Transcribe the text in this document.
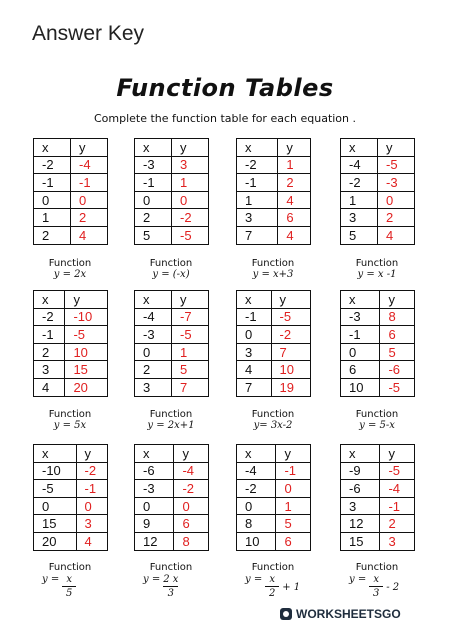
Answer Key
Function Tables
Complete the function table for each equation .
x	y
-2	-4
-1	-1
0	0
1	2
2	4
Function
y = 2x
x	y
-3	3
-1	1
0	0
2	-2
5	-5
Function
y = (-x)
x	y
-2	1
-1	2
1	4
3	6
7	4
Function
y = x+3
x	y
-4	-5
-2	-3
1	0
3	2
5	4
Function
y = x -1
x	y
-2	-10
-1	-5
2	10
3	15
4	20
Function
y = 5x
x	y
-4	-7
-3	-5
0	1
2	5
3	7
Function
y = 2x+1
x	y
-1	-5
0	-2
3	7
4	10
7	19
Function
y= 3x-2
x	y
-3	8
-1	6
0	5
6	-6
10	-5
Function
y = 5-x
x	y
-10	-2
-5	-1
0	0
15	3
20	4
Function
y = x
5
x	y
-6	-4
-3	-2
0	0
9	6
12	8
Function
y = 2 x
3
x	y
-4	-1
-2	0
0	1
8	5
10	6
Function
y = x
2
+ 1
x	y
-9	-5
-6	-4
3	-1
12	2
15	3
Function
y = x
3
- 2
WORKSHEETSGO
